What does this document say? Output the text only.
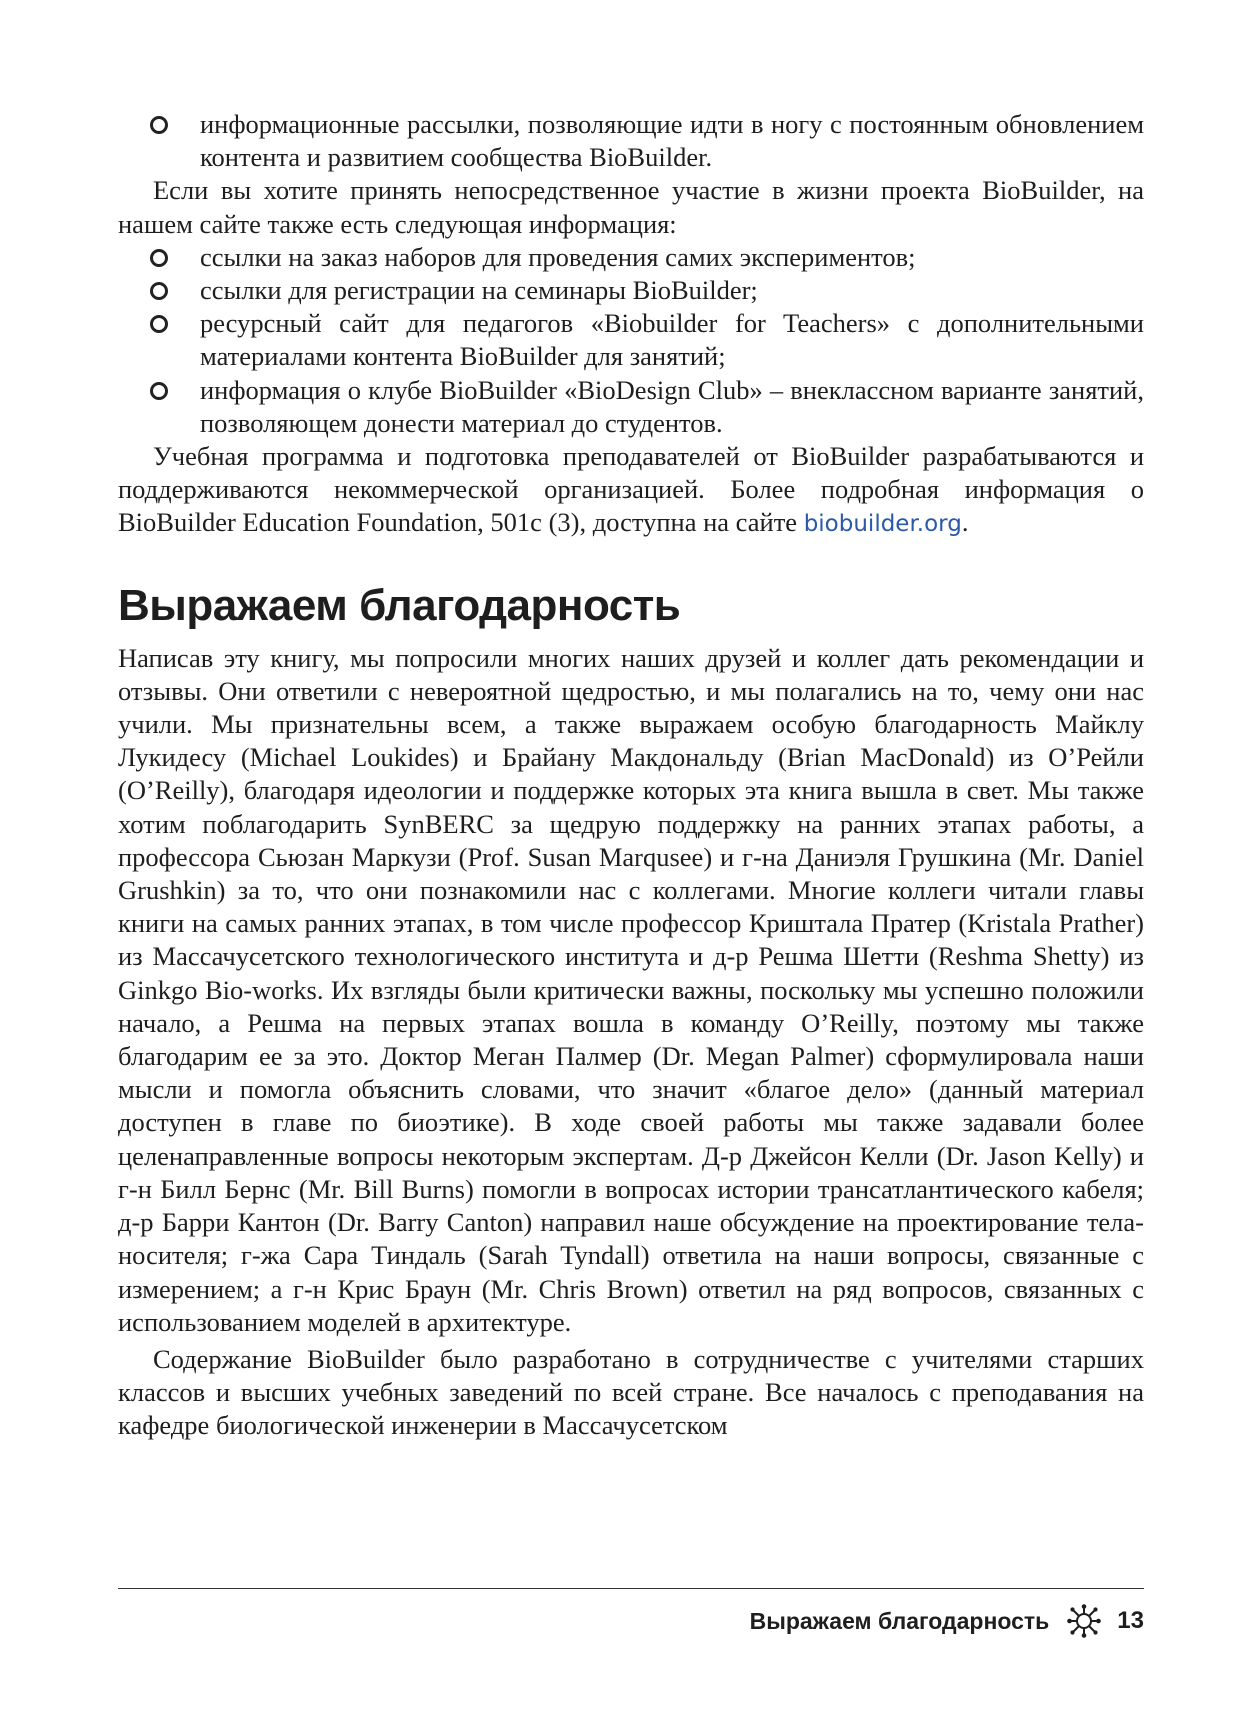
информационные рассылки, позволяющие идти в ногу с постоянным обновлением контента и развитием сообщества BioBuilder.

Если вы хотите принять непосредственное участие в жизни проекта BioBuilder, на нашем сайте также есть следующая информация:

ссылки на заказ наборов для проведения самих экспериментов;
ссылки для регистрации на семинары BioBuilder;
ресурсный сайт для педагогов «Biobuilder for Teachers» с дополнительными материалами контента BioBuilder для занятий;
информация о клубе BioBuilder «BioDesign Club» – внеклассном варианте занятий, позволяющем донести материал до студентов.

Учебная программа и подготовка преподавателей от BioBuilder разрабатываются и поддерживаются некоммерческой организацией. Более подробная информация о BioBuilder Education Foundation, 501c (3), доступна на сайте biobuilder.org.

Выражаем благодарность

Написав эту книгу, мы попросили многих наших друзей и коллег дать рекомендации и отзывы. Они ответили с невероятной щедростью, и мы полагались на то, чему они нас учили. Мы признательны всем, а также выражаем особую благодарность Майклу Лукидесу (Michael Loukides) и Брайану Макдональду (Brian MacDonald) из О’Рейли (O’Reilly), благодаря идеологии и поддержке которых эта книга вышла в свет. Мы также хотим поблагодарить SynBERC за щедрую поддержку на ранних этапах работы, а профессора Сьюзан Маркузи (Prof. Susan Marqusee) и г-на Даниэля Грушкина (Mr. Daniel Grushkin) за то, что они познакомили нас с коллегами. Многие коллеги читали главы книги на самых ранних этапах, в том числе профессор Криштала Пратер (Kristala Prather) из Массачусетского технологического института и д-р Решма Шетти (Reshma Shetty) из Ginkgo Bio-works. Их взгляды были критически важны, поскольку мы успешно положили начало, а Решма на первых этапах вошла в команду O’Reilly, поэтому мы также благодарим ее за это. Доктор Меган Палмер (Dr. Megan Palmer) сформулировала наши мысли и помогла объяснить словами, что значит «благое дело» (данный материал доступен в главе по биоэтике). В ходе своей работы мы также задавали более целенаправленные вопросы некоторым экспертам. Д-р Джейсон Келли (Dr. Jason Kelly) и г-н Билл Бернс (Mr. Bill Burns) помогли в вопросах истории трансатлантического кабеля; д-р Барри Кантон (Dr. Barry Canton) направил наше обсуждение на проектирование тела-носителя; г-жа Сара Тиндаль (Sarah Tyndall) ответила на наши вопросы, связанные с измерением; а г-н Крис Браун (Mr. Chris Brown) ответил на ряд вопросов, связанных с использованием моделей в архитектуре.

Содержание BioBuilder было разработано в сотрудничестве с учителями старших классов и высших учебных заведений по всей стране. Все началось с преподавания на кафедре биологической инженерии в Массачусетском

Выражаем благодарность	13
